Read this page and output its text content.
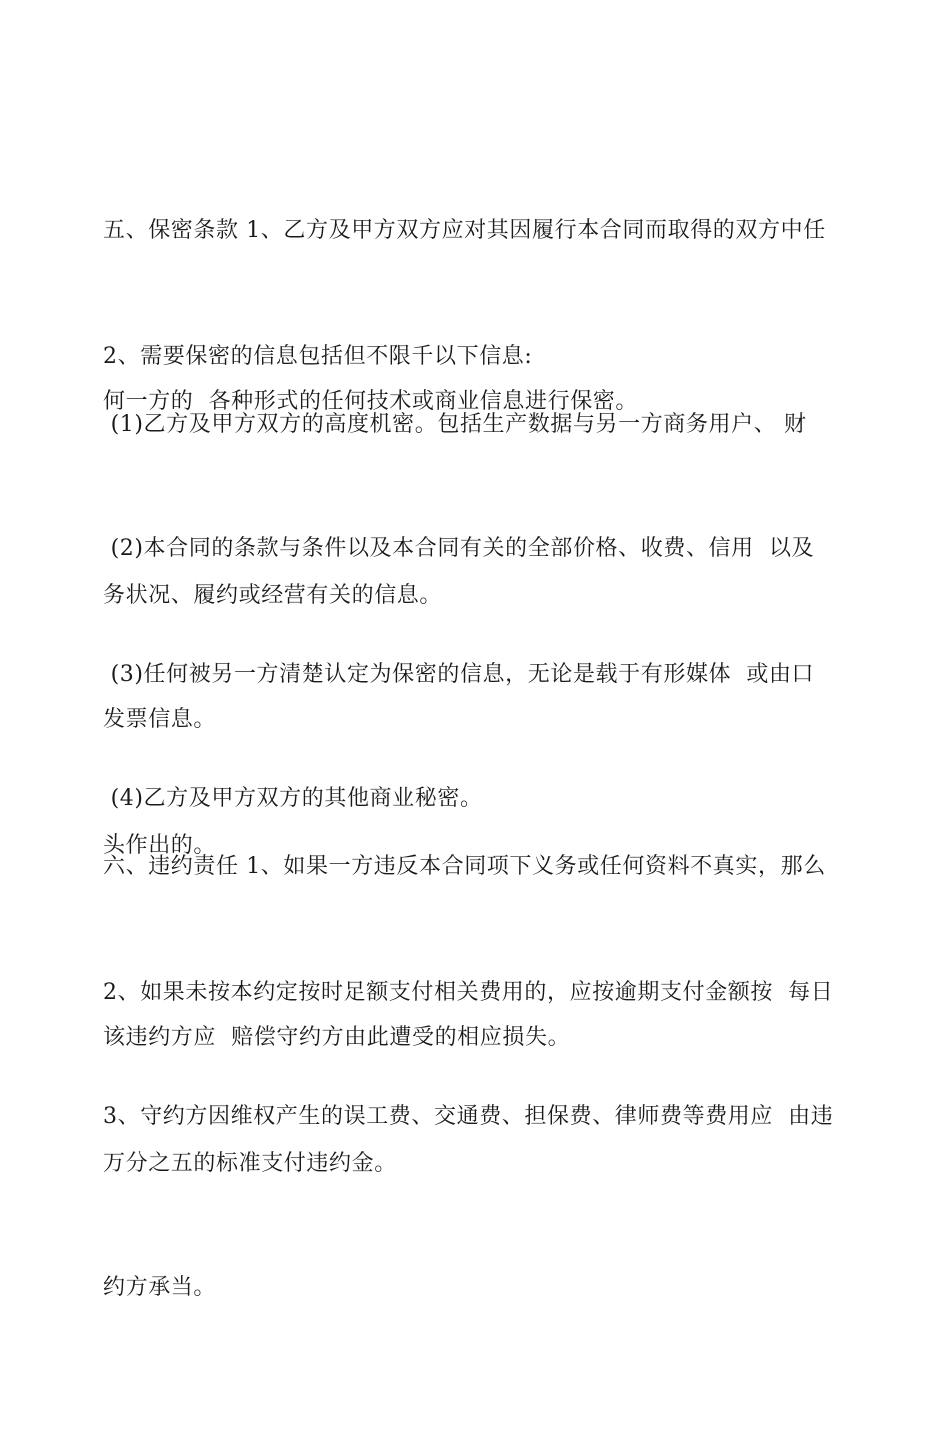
五、保密条款 1、乙方及甲方双方应对其因履行本合同而取得的双方中任

何一方的  各种形式的任何技术或商业信息进行保密。

2、需要保密的信息包括但不限千以下信息:

(1)乙方及甲方双方的高度机密。包括生产数据与另一方商务用户、 财

务状况、履约或经营有关的信息。

(2)本合同的条款与条件以及本合同有关的全部价格、收费、信用  以及

发票信息。

(3)任何被另一方清楚认定为保密的信息，无论是载于有形媒体  或由口

头作出的。

(4)乙方及甲方双方的其他商业秘密。

六、违约责任 1、如果一方违反本合同项下义务或任何资料不真实，那么

该违约方应  赔偿守约方由此遭受的相应损失。

2、如果未按本约定按时足额支付相关费用的，应按逾期支付金额按  每日

万分之五的标准支付违约金。

3、守约方因维权产生的误工费、交通费、担保费、律师费等费用应  由违

约方承当。
